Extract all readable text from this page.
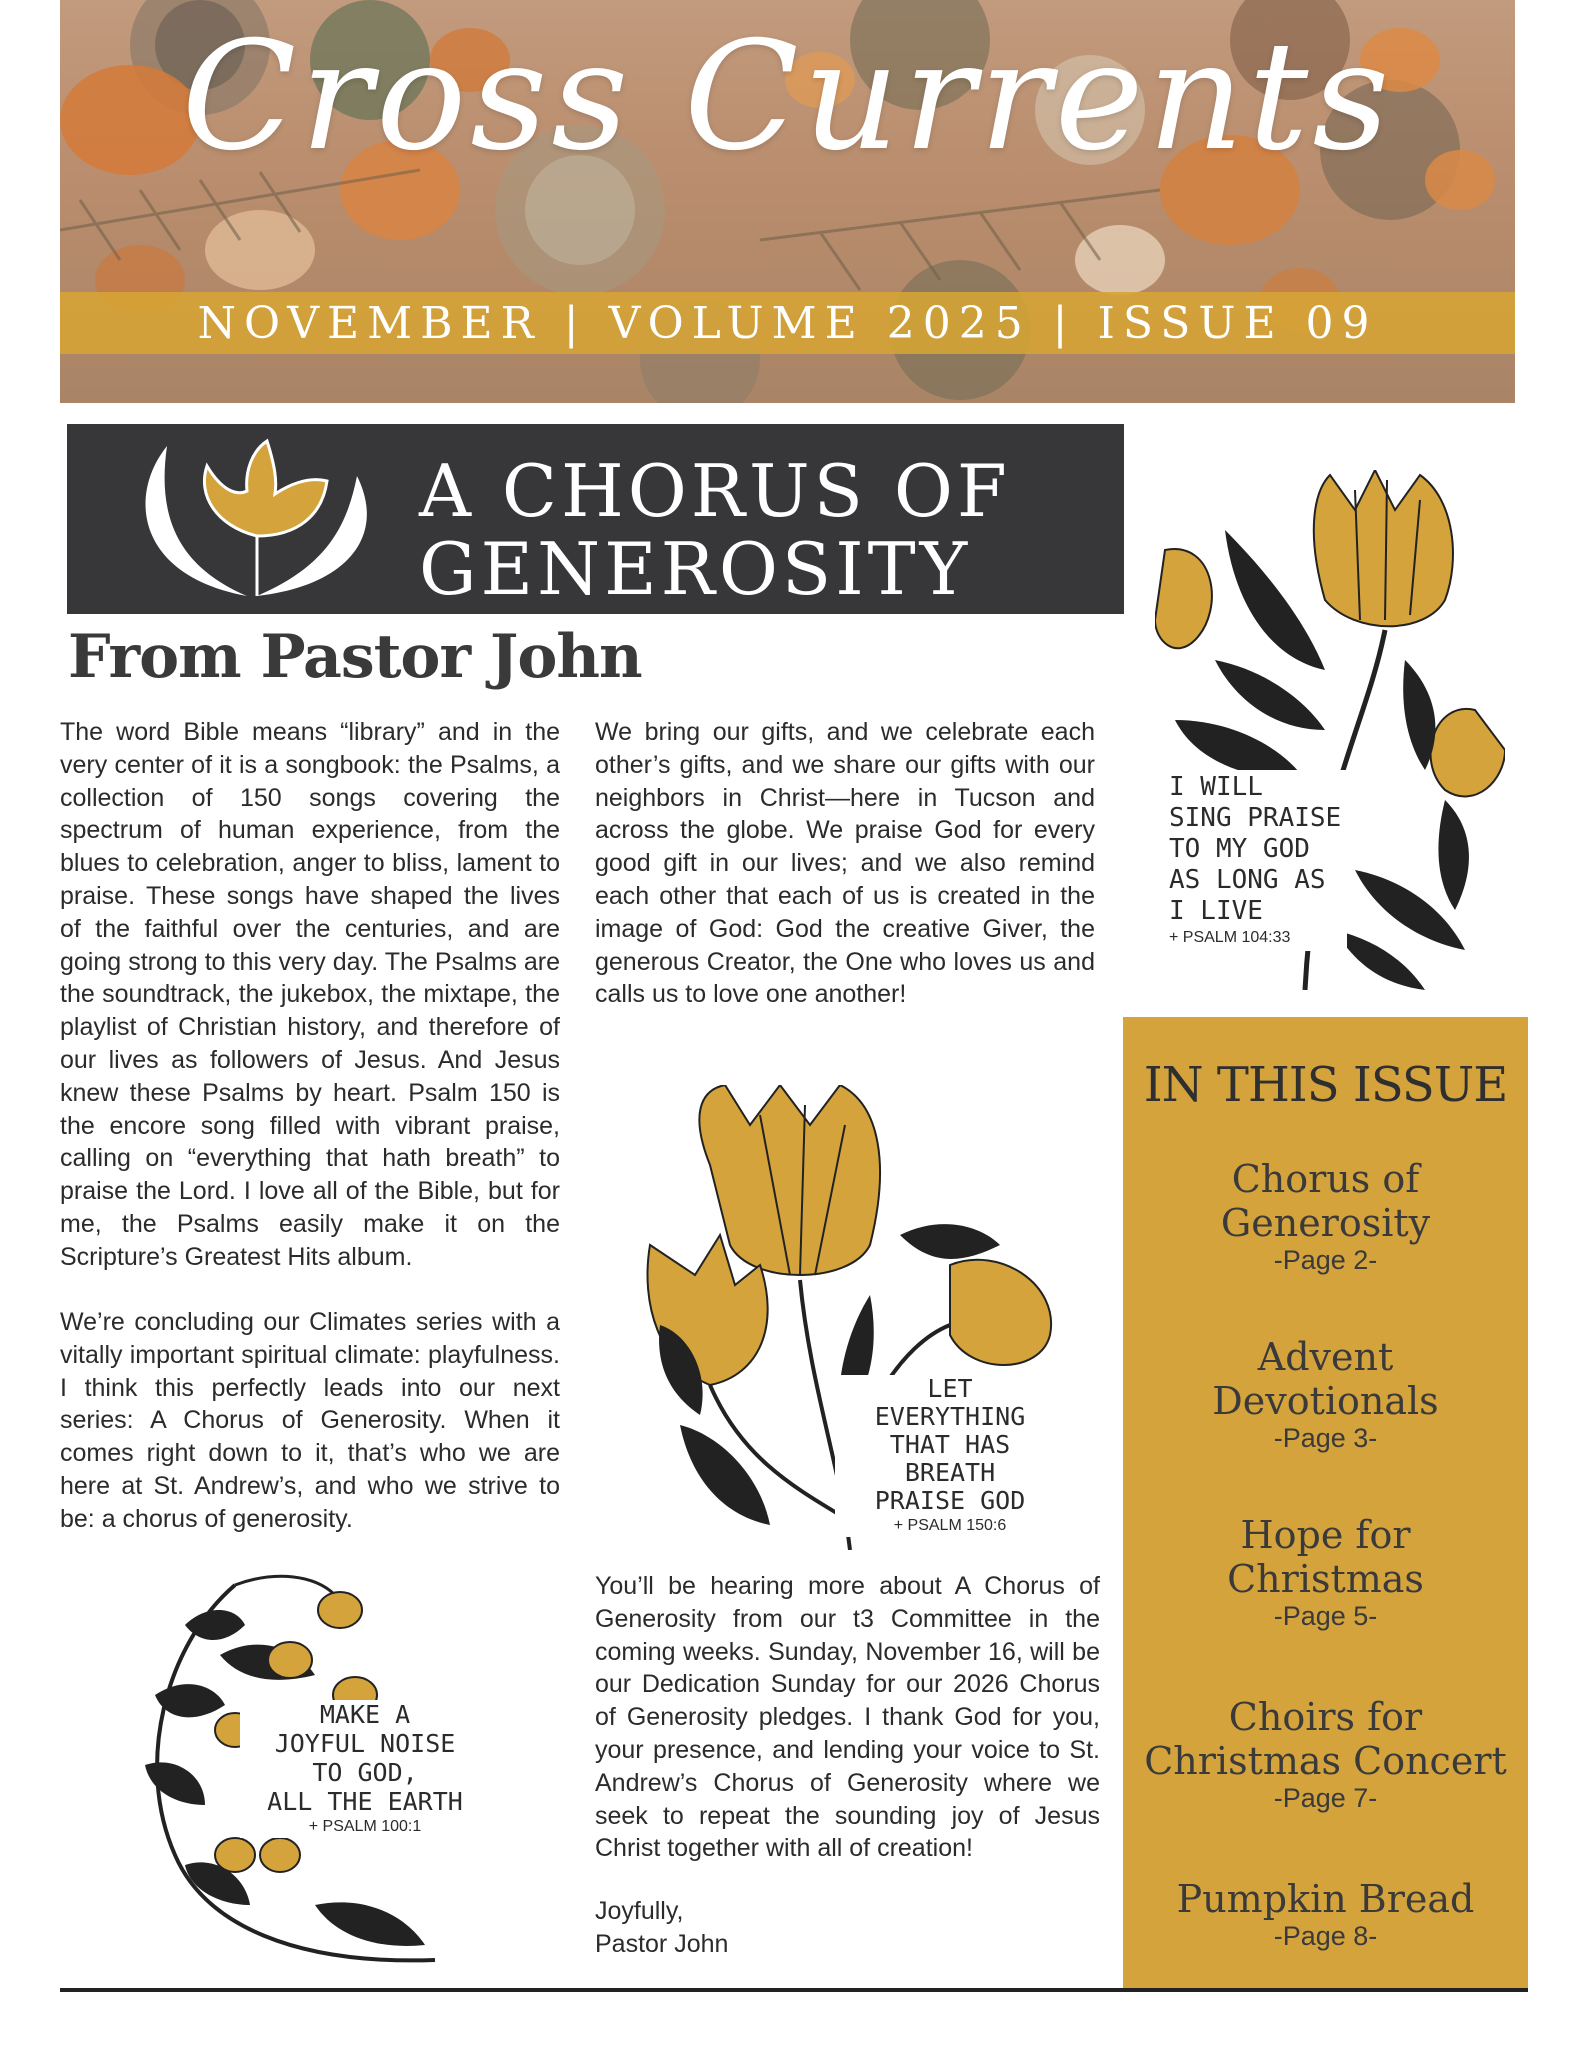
Cross Currents
NOVEMBER | VOLUME 2025 | ISSUE 09
A CHORUS OF
GENEROSITY
From Pastor John

The word Bible means “library” and in the very center of it is a songbook: the Psalms, a collection of 150 songs covering the spectrum of human experience, from the blues to celebration, anger to bliss, lament to praise. These songs have shaped the lives of the faithful over the centuries, and are going strong to this very day. The Psalms are the soundtrack, the jukebox, the mixtape, the playlist of Christian history, and therefore of our lives as followers of Jesus. And Jesus knew these Psalms by heart. Psalm 150 is the encore song filled with vibrant praise, calling on “everything that hath breath” to praise the Lord. I love all of the Bible, but for me, the Psalms easily make it on the Scripture’s Greatest Hits album.

We’re concluding our Climates series with a vitally important spiritual climate: playfulness. I think this perfectly leads into our next series: A Chorus of Generosity. When it comes right down to it, that’s who we are here at St. Andrew’s, and who we strive to be: a chorus of generosity.

We bring our gifts, and we celebrate each other’s gifts, and we share our gifts with our neighbors in Christ—here in Tucson and across the globe. We praise God for every good gift in our lives; and we also remind each other that each of us is created in the image of God: God the creative Giver, the generous Creator, the One who loves us and calls us to love one another!

You’ll be hearing more about A Chorus of Generosity from our t3 Committee in the coming weeks. Sunday, November 16, will be our Dedication Sunday for our 2026 Chorus of Generosity pledges. I thank God for you, your presence, and lending your voice to St. Andrew’s Chorus of Generosity where we seek to repeat the sounding joy of Jesus Christ together with all of creation!

Joyfully,
Pastor John
I WILL
SING PRAISE
TO MY GOD
AS LONG AS
I LIVE
+ PSALM 104:33
LET
EVERYTHING
THAT HAS
BREATH
PRAISE GOD
+ PSALM 150:6
MAKE A
JOYFUL NOISE
TO GOD,
ALL THE EARTH
+ PSALM 100:1
IN THIS ISSUE
Chorus of
Generosity
-Page 2-
Advent
Devotionals
-Page 3-
Hope for
Christmas
-Page 5-
Choirs for
Christmas Concert
-Page 7-
Pumpkin Bread
-Page 8-
